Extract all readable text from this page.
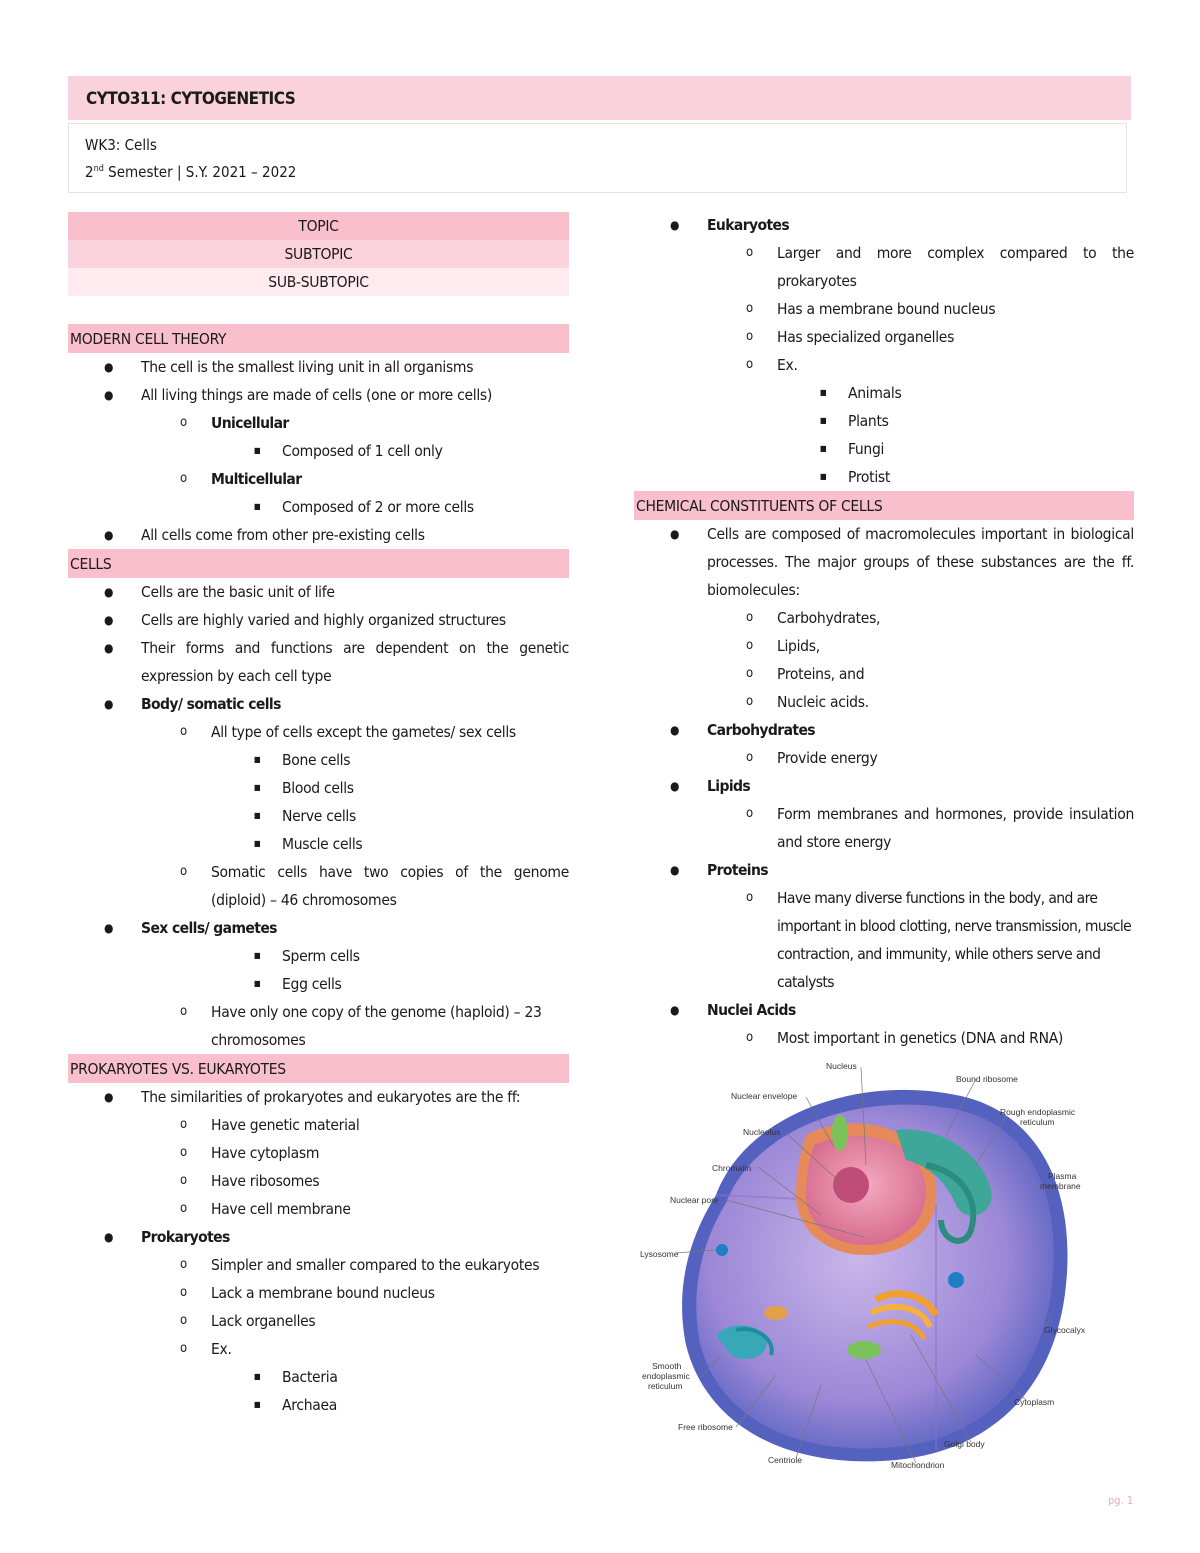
CYTO311: CYTOGENETICS
WK3: Cells
2nd Semester | S.Y. 2021 – 2022
TOPIC
SUBTOPIC
SUB-SUBTOPIC
MODERN CELL THEORY
● The cell is the smallest living unit in all organisms
● All living things are made of cells (one or more cells)
o Unicellular
■ Composed of 1 cell only
o Multicellular
■ Composed of 2 or more cells
● All cells come from other pre-existing cells
CELLS
● Cells are the basic unit of life
● Cells are highly varied and highly organized structures
● Their forms and functions are dependent on the genetic expression by each cell type
● Body/ somatic cells
o All type of cells except the gametes/ sex cells
■ Bone cells
■ Blood cells
■ Nerve cells
■ Muscle cells
o Somatic cells have two copies of the genome (diploid) – 46 chromosomes
● Sex cells/ gametes
■ Sperm cells
■ Egg cells
o Have only one copy of the genome (haploid) – 23 chromosomes
PROKARYOTES VS. EUKARYOTES
● The similarities of prokaryotes and eukaryotes are the ff:
o Have genetic material
o Have cytoplasm
o Have ribosomes
o Have cell membrane
● Prokaryotes
o Simpler and smaller compared to the eukaryotes
o Lack a membrane bound nucleus
o Lack organelles
o Ex.
■ Bacteria
■ Archaea
● Eukaryotes
o Larger and more complex compared to the prokaryotes
o Has a membrane bound nucleus
o Has specialized organelles
o Ex.
■ Animals
■ Plants
■ Fungi
■ Protist
CHEMICAL CONSTITUENTS OF CELLS
● Cells are composed of macromolecules important in biological processes. The major groups of these substances are the ff. biomolecules:
o Carbohydrates,
o Lipids,
o Proteins, and
o Nucleic acids.
● Carbohydrates
o Provide energy
● Lipids
o Form membranes and hormones, provide insulation and store energy
● Proteins
o Have many diverse functions in the body, and are important in blood clotting, nerve transmission, muscle contraction, and immunity, while others serve and catalysts
● Nuclei Acids
o Most important in genetics (DNA and RNA)
Nucleus
Bound ribosome
Nuclear envelope
Rough endoplasmic
reticulum
Nucleolus
Chromatin
Plasma
membrane
Nuclear pore
Lysosome
Glycocalyx
Smooth
endoplasmic
reticulum
Cytoplasm
Free ribosome
Golgi body
Centriole	Mitochondrion
pg. 1
